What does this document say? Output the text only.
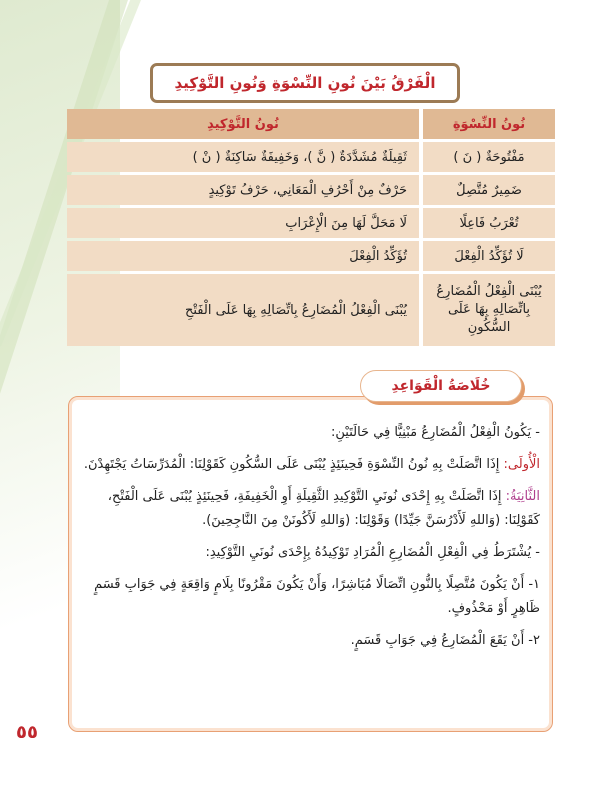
الْفَرْقُ بَيْنَ نُونِ النِّسْوَةِ وَنُونِ التَّوْكِيدِ
نُونُ النِّسْوَةِ
نُونُ التَّوْكِيدِ
مَفْتُوحَةٌ ( نَ )
ثَقِيلَةٌ مُشَدَّدَةٌ ( نَّ )، وَخَفِيفَةٌ سَاكِنَةٌ ( نْ )
ضَمِيرٌ مُتَّصِلٌ
حَرْفٌ مِنْ أَحْرُفِ الْمَعَانِي، حَرْفُ تَوْكِيدٍ
تُعْرَبُ فَاعِلًا
لَا مَحَلَّ لَهَا مِنَ الْإِعْرَابِ
لَا تُؤَكِّدُ الْفِعْلَ
تُؤَكِّدُ الْفِعْلَ
يُبْنَى الْفِعْلُ الْمُضَارِعُ بِاتِّصَالِهِ بِهَا عَلَى السُّكُونِ
يُبْنَى الْفِعْلُ الْمُضَارِعُ بِاتِّصَالِهِ بِهَا عَلَى الْفَتْحِ

- يَكُونُ الْفِعْلُ الْمُضَارِعُ مَبْنِيًّا فِي حَالَتَيْنِ:

الْأُولَى: إِذَا اتَّصَلَتْ بِهِ نُونُ النِّسْوَةِ فَحِينَئِذٍ يُبْنَى عَلَى السُّكُونِ كَقَوْلِنَا: الْمُدَرِّسَاتُ يَجْتَهِدْنَ.

الثَّانِيَةُ: إِذَا اتَّصَلَتْ بِهِ إِحْدَى نُونَيِ التَّوْكِيدِ الثَّقِيلَةِ أَوِ الْخَفِيفَةِ، فَحِينَئِذٍ يُبْنَى عَلَى الْفَتْحِ، كَقَوْلِنَا: (وَاللهِ لَأَدْرُسَنَّ جَيِّدًا) وَقَوْلِنَا: (وَاللهِ لَأَكُونَنْ مِنَ النَّاجِحِينَ).

- يُشْتَرَطُ فِي الْفِعْلِ الْمُضَارِعِ الْمُرَادِ تَوْكِيدُهُ بِإِحْدَى نُونَيِ التَّوْكِيدِ:

١- أَنْ يَكُونَ مُتَّصِلًا بِالنُّونِ اتِّصَالًا مُبَاشِرًا، وَأَنْ يَكُونَ مَقْرُونًا بِلَامٍ وَاقِعَةٍ فِي جَوَابِ قَسَمٍ ظَاهِرٍ أَوْ مَحْذُوفٍ.

٢- أَنْ يَقَعَ الْمُضَارِعُ فِي جَوَابِ قَسَمٍ.

خُلَاصَةُ الْقَوَاعِدِ
٥٥
